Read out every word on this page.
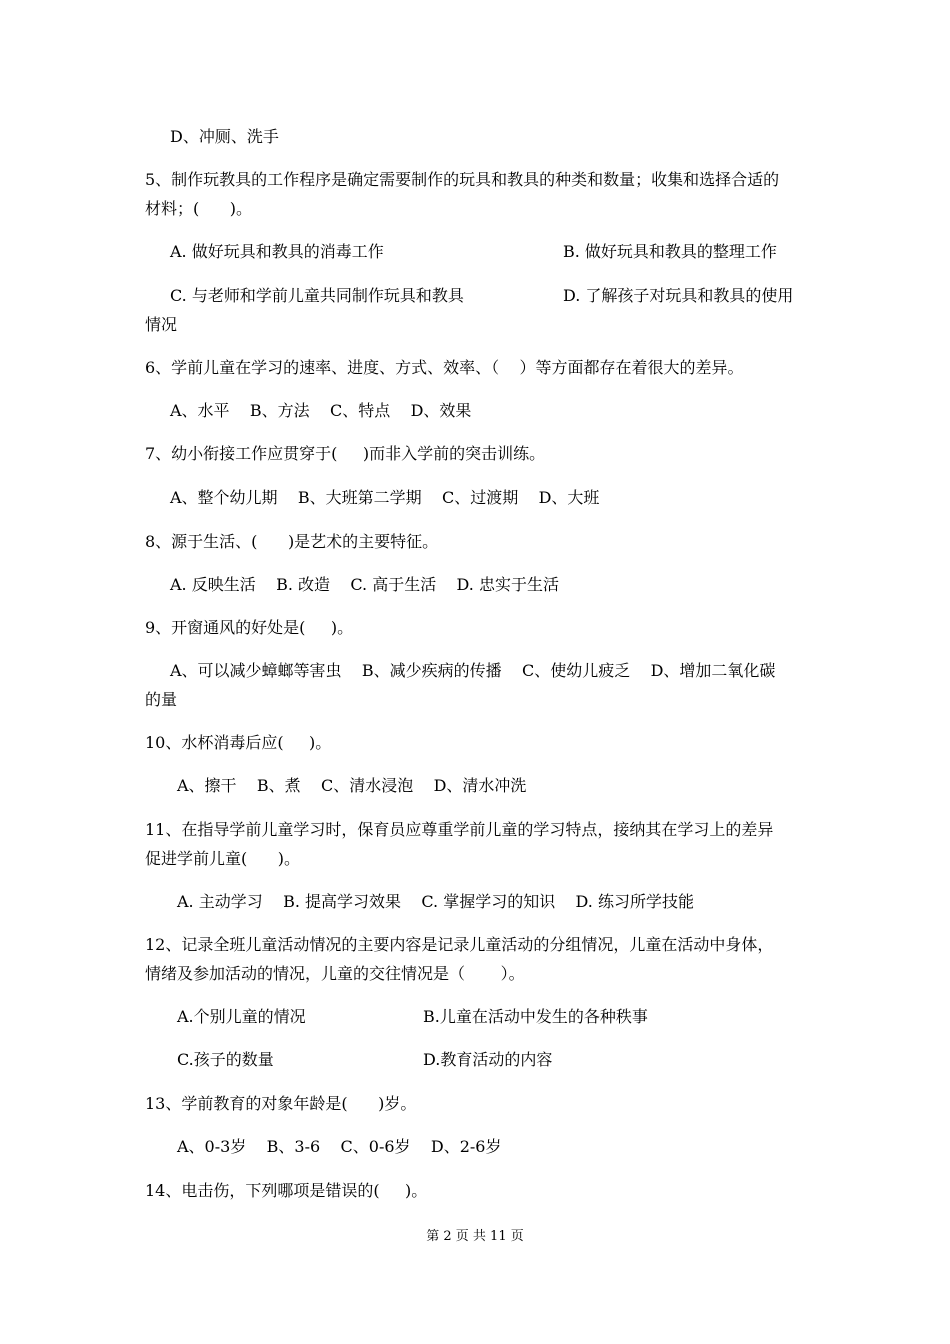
D、冲厕、洗手
5、制作玩教具的工作程序是确定需要制作的玩具和教具的种类和数量；收集和选择合适的
材料；(      )。
A. 做好玩具和教具的消毒工作	B. 做好玩具和教具的整理工作
C. 与老师和学前儿童共同制作玩具和教具	D. 了解孩子对玩具和教具的使用
情况
6、学前儿童在学习的速率、进度、方式、效率、（    ）等方面都存在着很大的差异。
A、水平    B、方法    C、特点    D、效果
7、幼小衔接工作应贯穿于(     )而非入学前的突击训练。
A、整个幼儿期    B、大班第二学期    C、过渡期    D、大班
8、源于生活、(      )是艺术的主要特征。
A. 反映生活    B. 改造    C. 高于生活    D. 忠实于生活
9、开窗通风的好处是(     )。
A、可以减少蟑螂等害虫    B、减少疾病的传播    C、使幼儿疲乏    D、增加二氧化碳
的量
10、水杯消毒后应(     )。
A、擦干    B、煮    C、清水浸泡    D、清水冲洗
11、在指导学前儿童学习时，保育员应尊重学前儿童的学习特点，接纳其在学习上的差异
促进学前儿童(      )。
A. 主动学习    B. 提高学习效果    C. 掌握学习的知识    D. 练习所学技能
12、记录全班儿童活动情况的主要内容是记录儿童活动的分组情况，儿童在活动中身体，
情绪及参加活动的情况，儿童的交往情况是（       ）。
A.个别儿童的情况	B.儿童在活动中发生的各种秩事
C.孩子的数量	D.教育活动的内容
13、学前教育的对象年龄是(      )岁。
A、0-3岁    B、3-6    C、0-6岁    D、2-6岁
14、电击伤，下列哪项是错误的(     )。
第 2 页 共 11 页
